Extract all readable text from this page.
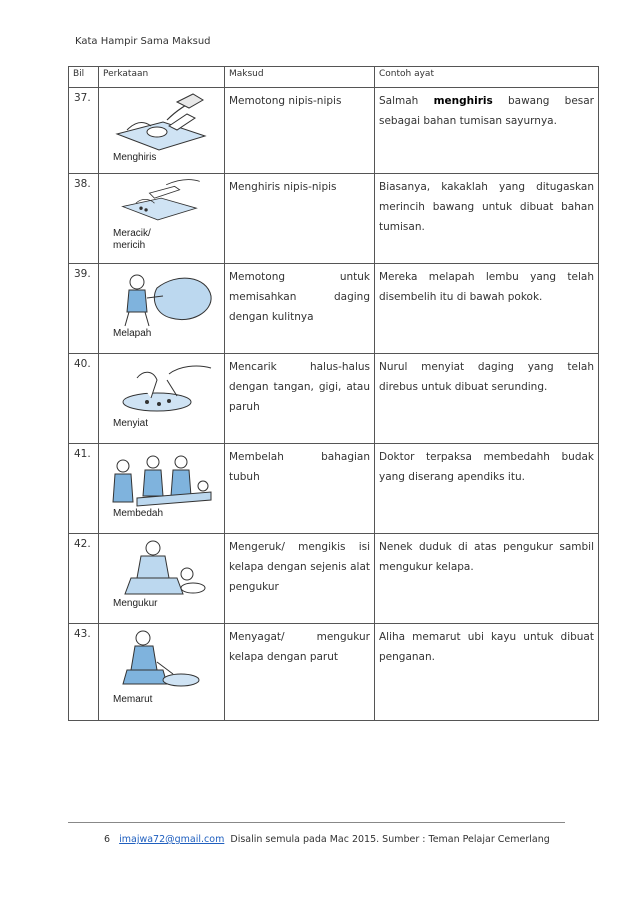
Kata Hampir Sama Maksud
Bil	Perkataan	Maksud	Contoh ayat
37.	Menghiris	Memotong nipis-nipis	Salmah menghiris bawang besar sebagai bahan tumisan sayurnya.

38.	Meracik/
mericih	Menghiris nipis-nipis	Biasanya, kakaklah yang ditugaskan merincih bawang untuk dibuat bahan tumisan.

39.	Melapah	Memotong untuk memisahkan daging dengan kulitnya	Mereka melapah lembu yang telah disembelih itu di bawah pokok.

40.	Menyiat	Mencarik halus-halus dengan tangan, gigi, atau paruh	Nurul menyiat daging yang telah direbus untuk dibuat serunding.

41.	Membedah	Membelah bahagian tubuh	Doktor terpaksa membedahh budak yang diserang apendiks itu.

42.	Mengukur	Mengeruk/ mengikis isi kelapa dengan sejenis alat pengukur	Nenek duduk di atas pengukur sambil mengukur kelapa.

43.	Memarut	Menyagat/ mengukur kelapa dengan parut	Aliha memarut ubi kayu untuk dibuat penganan.
6 imajwa72@gmail.com Disalin semula pada Mac 2015. Sumber : Teman Pelajar Cemerlang
